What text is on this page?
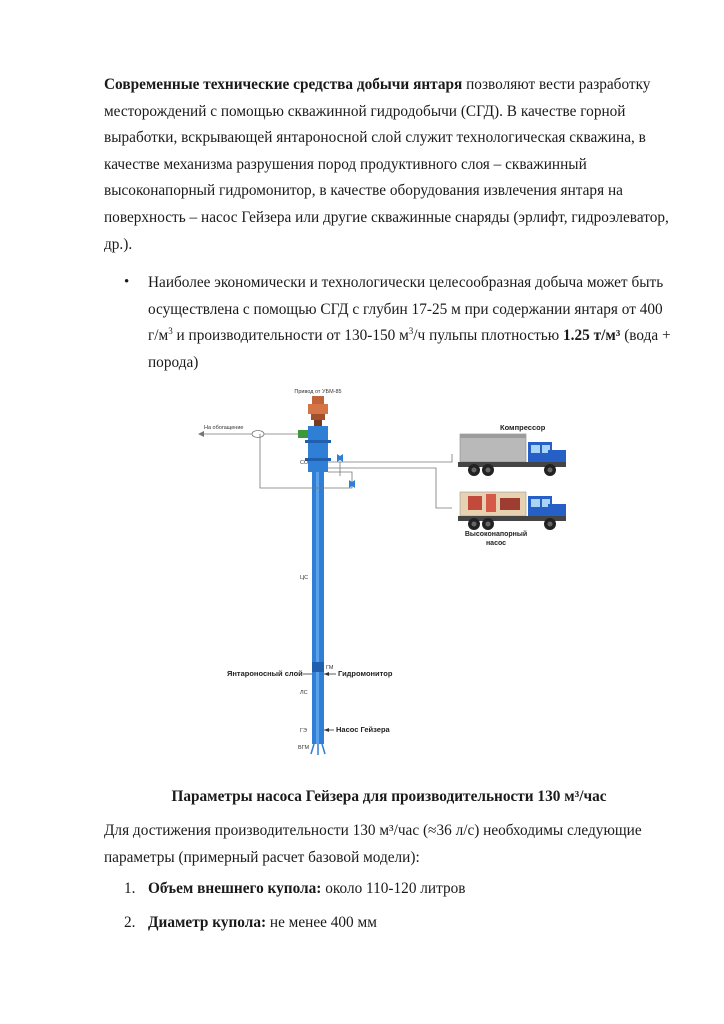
Современные технические средства добычи янтаря позволяют вести разработку месторождений с помощью скважинной гидродобычи (СГД). В качестве горной выработки, вскрывающей янтароносной слой служит технологическая скважина, в качестве механизма разрушения пород продуктивного слоя – скважинный высоконапорный гидромонитор, в качестве оборудования извлечения янтаря на поверхность – насос Гейзера или другие скважинные снаряды (эрлифт, гидроэлеватор, др.).

• Наиболее экономически и технологически целесообразная добыча может быть осуществлена с помощью СГД с глубин 17-25 м при содержании янтаря от 400 $г/м^3$ и производительности от 130-150 $м^3/ч$ пульпы плотностью 1.25 т/м³ (вода + порода)

Привод от УБМ-85
На обогащение
СО
ЦС
ГМ
ЛС
ГЭ
ВГМ
Янтароносный слой	Гидромонитор
Насос Гейзера
Компрессор
Высоконапорный
насос

Параметры насоса Гейзера для производительности 130 м³/час

Для достижения производительности 130 м³/час (≈36 л/с) необходимы следующие параметры (примерный расчет базовой модели):

1. Объем внешнего купола: около 110-120 литров
2. Диаметр купола: не менее 400 мм
